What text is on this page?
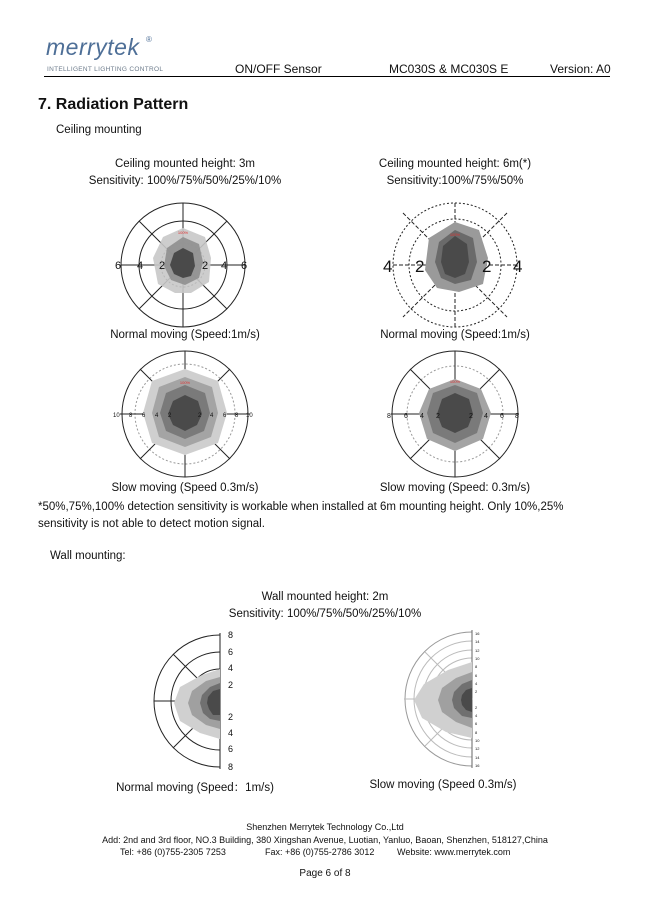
merrytek ®
INTELLIGENT LIGHTING CONTROL	ON/OFF Sensor	MC030S & MC030S E	Version: A0
7. Radiation Pattern
Ceiling mounting
Ceiling mounted height: 3m
Sensitivity: 100%/75%/50%/25%/10%
Ceiling mounted height: 6m(*)
Sensitivity:100%/75%/50%
100%
6 4 2	2 4 6
100%
4 2	2 4
Normal moving (Speed:1m/s)	Normal moving (Speed:1m/s)
100%
10 8 6 4 2	2 4 6 8 10
100%
8 6 4 2	2 4 6 8
Slow moving (Speed 0.3m/s)	Slow moving (Speed: 0.3m/s)
*50%,75%,100% detection sensitivity is workable when installed at 6m mounting height. Only 10%,25% sensitivity is not able to detect motion signal.
Wall mounting:
Wall mounted height: 2m
Sensitivity: 100%/75%/50%/25%/10%
8
6
4
2
2
4
6
8
16
14
12
10
8
6
4
2
2
4
6
8
10
12
14
16
Normal moving (Speed：1m/s)	Slow moving (Speed 0.3m/s)
Shenzhen Merrytek Technology Co.,Ltd
Add: 2nd and 3rd floor, NO.3 Building, 380 Xingshan Avenue, Luotian, Yanluo, Baoan, Shenzhen, 518127,China
Tel: +86 (0)755-2305 7253	Fax: +86 (0)755-2786 3012	Website: www.merrytek.com
Page 6 of 8
